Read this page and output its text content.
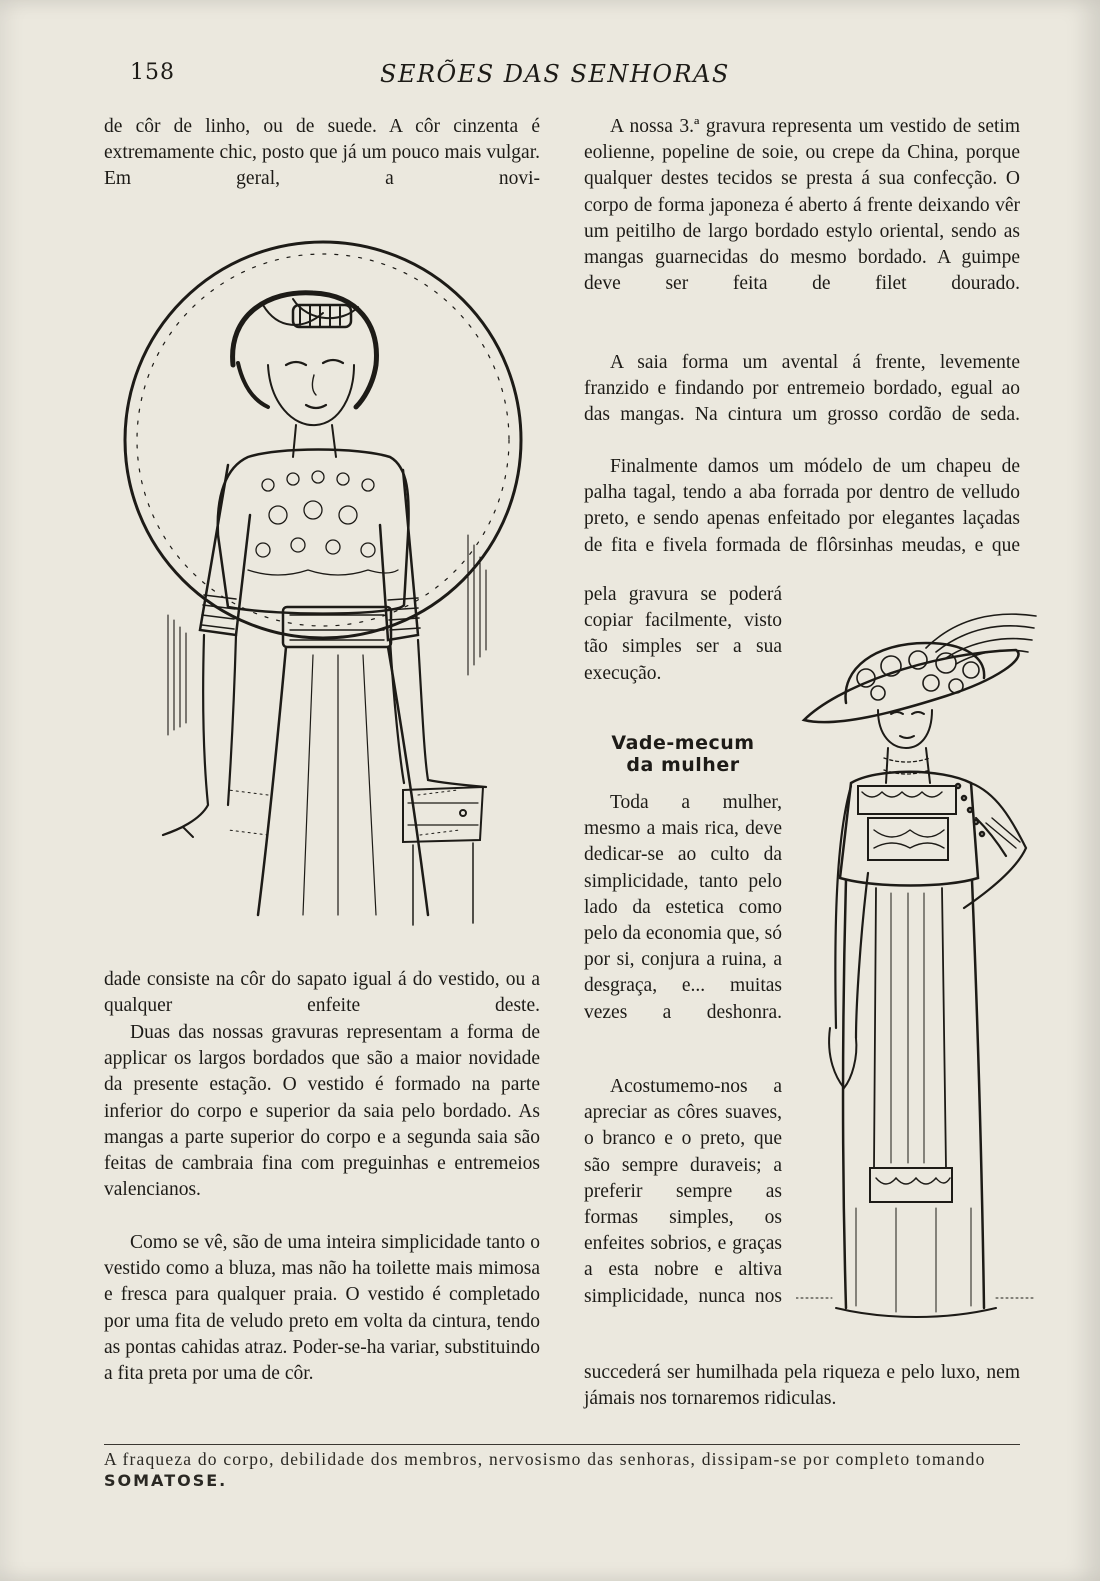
158	SERÕES DAS SENHORAS

de côr de linho, ou de suede. A côr cinzenta é extremamente chic, posto que já um pouco mais vulgar. Em geral, a novi-

dade consiste na côr do sapato igual á do vestido, ou a qualquer enfeite deste.

Duas das nossas gravuras representam a forma de applicar os largos bordados que são a maior novidade da presente estação. O vestido é formado na parte inferior do corpo e superior da saia pelo bordado. As mangas a parte superior do corpo e a segunda saia são feitas de cambraia fina com preguinhas e entremeios valencianos.

Como se vê, são de uma inteira simplicidade tanto o vestido como a bluza, mas não ha toilette mais mimosa e fresca para qualquer praia. O vestido é completado por uma fita de veludo preto em volta da cintura, tendo as pontas cahidas atraz. Poder-se-ha variar, substituindo a fita preta por uma de côr.

A nossa 3.ª gravura representa um vestido de setim eolienne, popeline de soie, ou crepe da China, porque qualquer destes tecidos se presta á sua confecção. O corpo de forma japoneza é aberto á frente deixando vêr um peitilho de largo bordado estylo oriental, sendo as mangas guarnecidas do mesmo bordado. A guimpe deve ser feita de filet dourado.

A saia forma um avental á frente, levemente franzido e findando por entremeio bordado, egual ao das mangas. Na cintura um grosso cordão de seda.

Finalmente damos um módelo de um chapeu de palha tagal, tendo a aba forrada por dentro de velludo preto, e sendo apenas enfeitado por elegantes laçadas de fita e fivela formada de flôrsinhas meudas, e que

pela gravura se poderá copiar facilmente, visto tão simples ser a sua execução.

Vade-mecum
da mulher

Toda a mulher, mesmo a mais rica, deve dedicar-se ao culto da simplicidade, tanto pelo lado da estetica como pelo da economia que, só por si, conjura a ruina, a desgraça, e... muitas vezes a deshonra.

Acostumemo-nos a apreciar as côres suaves, o branco e o preto, que são sempre duraveis; a preferir sempre as formas simples, os enfeites sobrios, e graças a esta nobre e altiva simplicidade, nunca nos

succederá ser humilhada pela riqueza e pelo luxo, nem jámais nos tornaremos ridiculas.

A fraqueza do corpo, debilidade dos membros, nervosismo das senhoras, dissipam-se por completo tomando SOMATOSE.
